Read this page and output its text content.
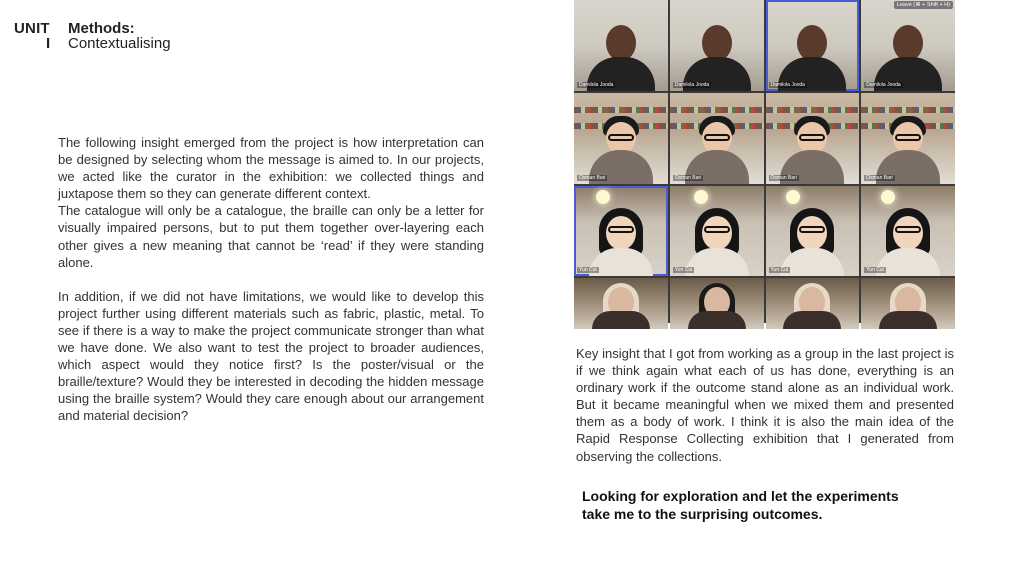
UNIT
I
Methods:
Contextualising

The following insight emerged from the project is how interpretation can be designed by selecting whom the message is aimed to. In our projects, we acted like the curator in the exhibition: we collected things and juxtapose them so they can generate different context.

The catalogue will only be a catalogue, the braille can only be a letter for visually impaired persons, but to put them together over-layering each other gives a new meaning that cannot be ‘read’ if they were standing alone.

In addition, if we did not have limitations, we would like to develop this project further using different materials such as fabric, plastic, metal. To see if there is a way to make the project communicate stronger than what we have done. We also want to test the project to broader audiences, which aspect would they notice first? Is the poster/visual or the braille/texture? Would they be interested in decoding the hidden message using the braille system? Would they care enough about our arrangement and material decision?

Damilola Jooda	Damilola Jooda	Damilola Jooda	Damilola Jooda
Leave (⌘ + Shift + H)
Osman Bari	Osman Bari	Osman Bari	Osman Bari
Yun Cui	Yun Cui	Yun Cui	Yun Cui

Key insight that I got from working as a group in the last project is if we think again what each of us has done, everything is an ordinary work if the outcome stand alone as an individual work. But it became meaningful when we mixed them and presented them as a body of work. I think it is also the main idea of the Rapid Response Collecting exhibition that I generated from observing the collections.

Looking for exploration and let the experiments take me to the surprising outcomes.
